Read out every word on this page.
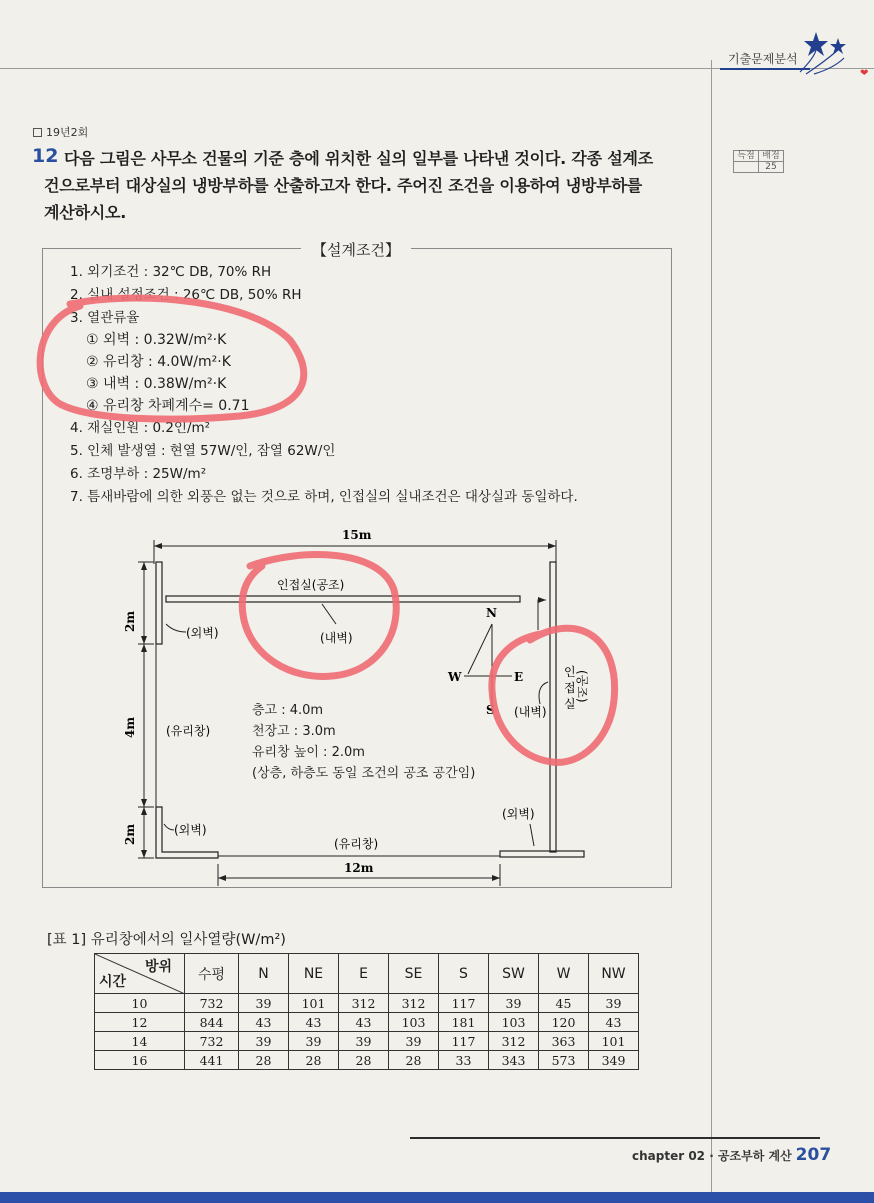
기출문제분석
❤
19년2회
12 다음 그림은 사무소 건물의 기준 층에 위치한 실의 일부를 나타낸 것이다. 각종 설계조
건으로부터 대상실의 냉방부하를 산출하고자 한다. 주어진 조건을 이용하여 냉방부하를
계산하시오.
득점	배점
	25
【설계조건】
1. 외기조건 : 32℃ DB, 70% RH
2. 실내 설정조건 : 26℃ DB, 50% RH
3. 열관류율
① 외벽 : 0.32W/m²·K
② 유리창 : 4.0W/m²·K
③ 내벽 : 0.38W/m²·K
④ 유리창 차폐계수= 0.71
4. 재실인원 : 0.2인/m²
5. 인체 발생열 : 현열 57W/인, 잠열 62W/인
6. 조명부하 : 25W/m²
7. 틈새바람에 의한 외풍은 없는 것으로 하며, 인접실의 실내조건은 대상실과 동일하다.
15m
인접실(공조)
(내벽)
(외벽)
2m
4m
2m
(유리창)
(외벽)
(유리창)
(외벽)
(내벽)
인
접
실
(공조)
N
W	E
S
12m
층고 : 4.0m
천장고 : 3.0m
유리창 높이 : 2.0m
(상층, 하층도 동일 조건의 공조 공간임)
[표 1] 유리창에서의 일사열량(W/m²)
방위
시간	수평	N	NE	E	SE	S	SW	W	NW
10	732	39	101	312	312	117	39	45	39
12	844	43	43	43	103	181	103	120	43
14	732	39	39	39	39	117	312	363	101
16	441	28	28	28	28	33	343	573	349
chapter 02 · 공조부하 계산 207
